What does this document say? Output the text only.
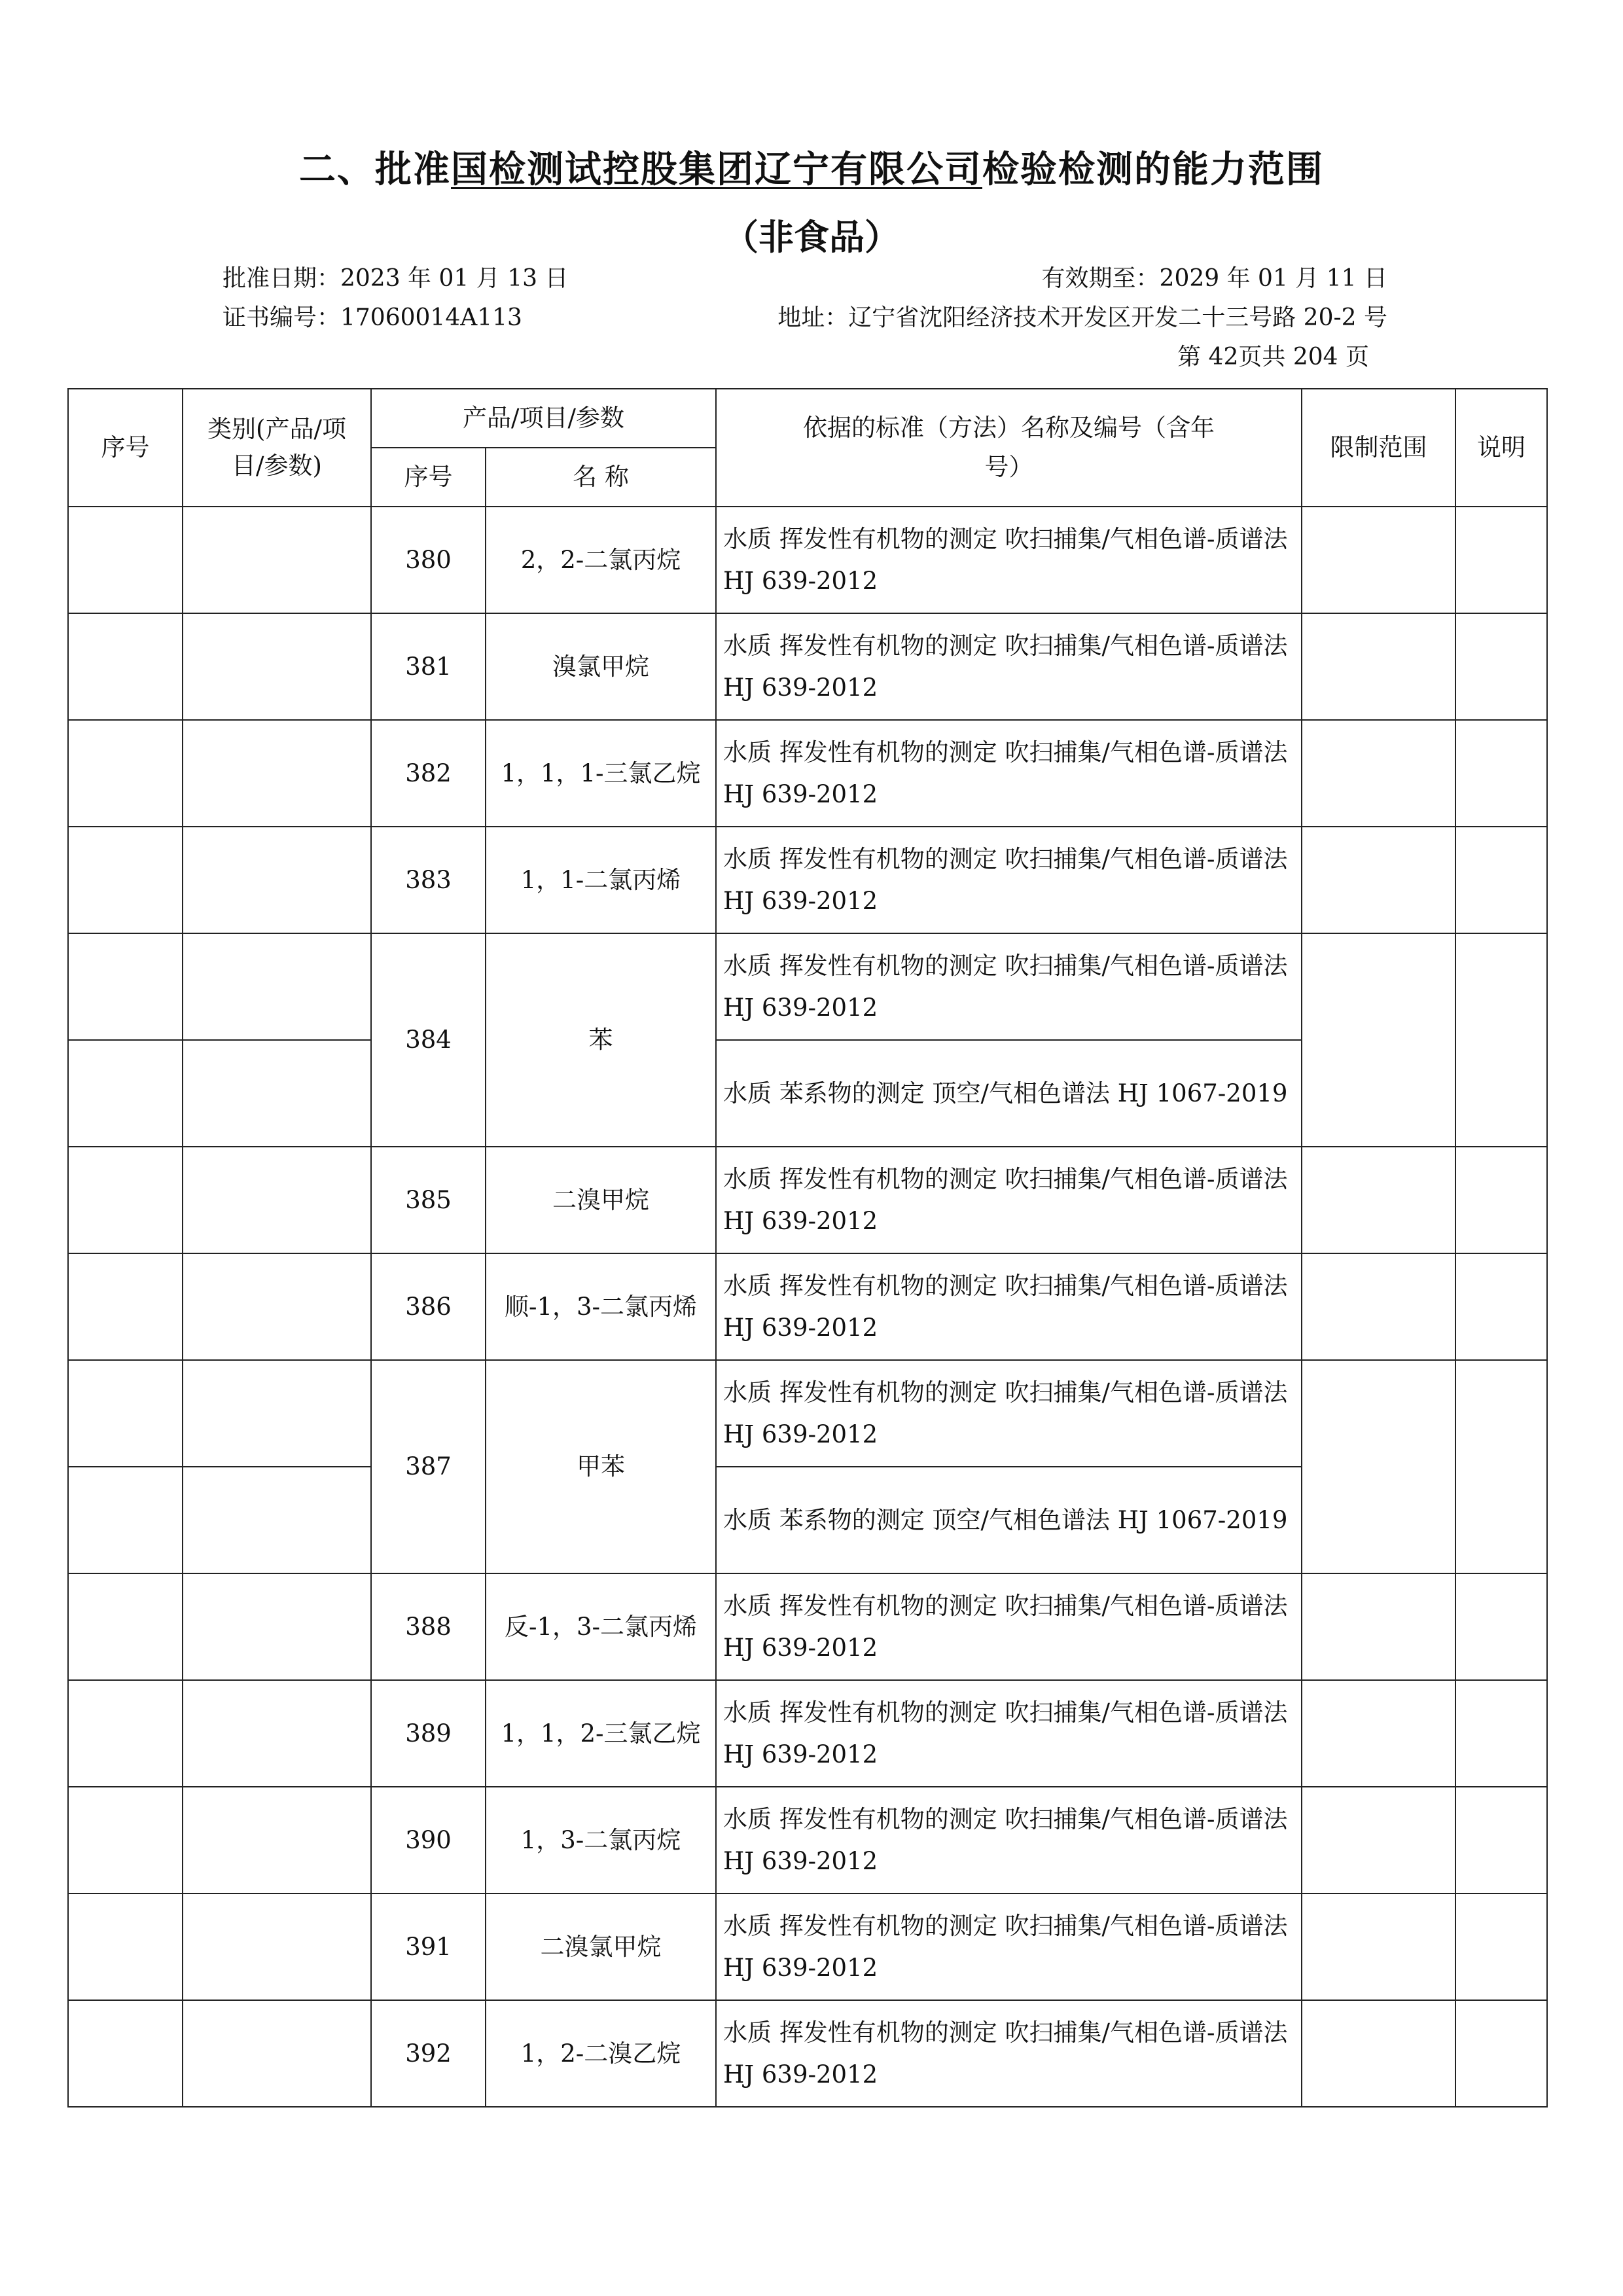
二、批准国检测试控股集团辽宁有限公司检验检测的能力范围
（非食品）
批准日期：2023 年 01 月 13 日	有效期至：2029 年 01 月 11 日
证书编号：17060014A113	地址：辽宁省沈阳经济技术开发区开发二十三号路 20-2 号
第 42页共 204 页
序号	类别(产品/项目/参数)	产品/项目/参数		依据的标准（方法）名称及编号（含年号）	限制范围	说明
		序号	名 称			
		380	2，2-二氯丙烷	水质 挥发性有机物的测定 吹扫捕集/气相色谱-质谱法 HJ 639-2012		
		381	溴氯甲烷	水质 挥发性有机物的测定 吹扫捕集/气相色谱-质谱法 HJ 639-2012		
		382	1，1，1-三氯乙烷	水质 挥发性有机物的测定 吹扫捕集/气相色谱-质谱法 HJ 639-2012		
		383	1，1-二氯丙烯	水质 挥发性有机物的测定 吹扫捕集/气相色谱-质谱法 HJ 639-2012		
		384	苯	水质 挥发性有机物的测定 吹扫捕集/气相色谱-质谱法 HJ 639-2012		
				水质 苯系物的测定 顶空/气相色谱法 HJ 1067-2019		
		385	二溴甲烷	水质 挥发性有机物的测定 吹扫捕集/气相色谱-质谱法 HJ 639-2012		
		386	顺-1，3-二氯丙烯	水质 挥发性有机物的测定 吹扫捕集/气相色谱-质谱法 HJ 639-2012		
		387	甲苯	水质 挥发性有机物的测定 吹扫捕集/气相色谱-质谱法 HJ 639-2012		
				水质 苯系物的测定 顶空/气相色谱法 HJ 1067-2019		
		388	反-1，3-二氯丙烯	水质 挥发性有机物的测定 吹扫捕集/气相色谱-质谱法 HJ 639-2012		
		389	1，1，2-三氯乙烷	水质 挥发性有机物的测定 吹扫捕集/气相色谱-质谱法 HJ 639-2012		
		390	1，3-二氯丙烷	水质 挥发性有机物的测定 吹扫捕集/气相色谱-质谱法 HJ 639-2012		
		391	二溴氯甲烷	水质 挥发性有机物的测定 吹扫捕集/气相色谱-质谱法 HJ 639-2012		
		392	1，2-二溴乙烷	水质 挥发性有机物的测定 吹扫捕集/气相色谱-质谱法 HJ 639-2012		
